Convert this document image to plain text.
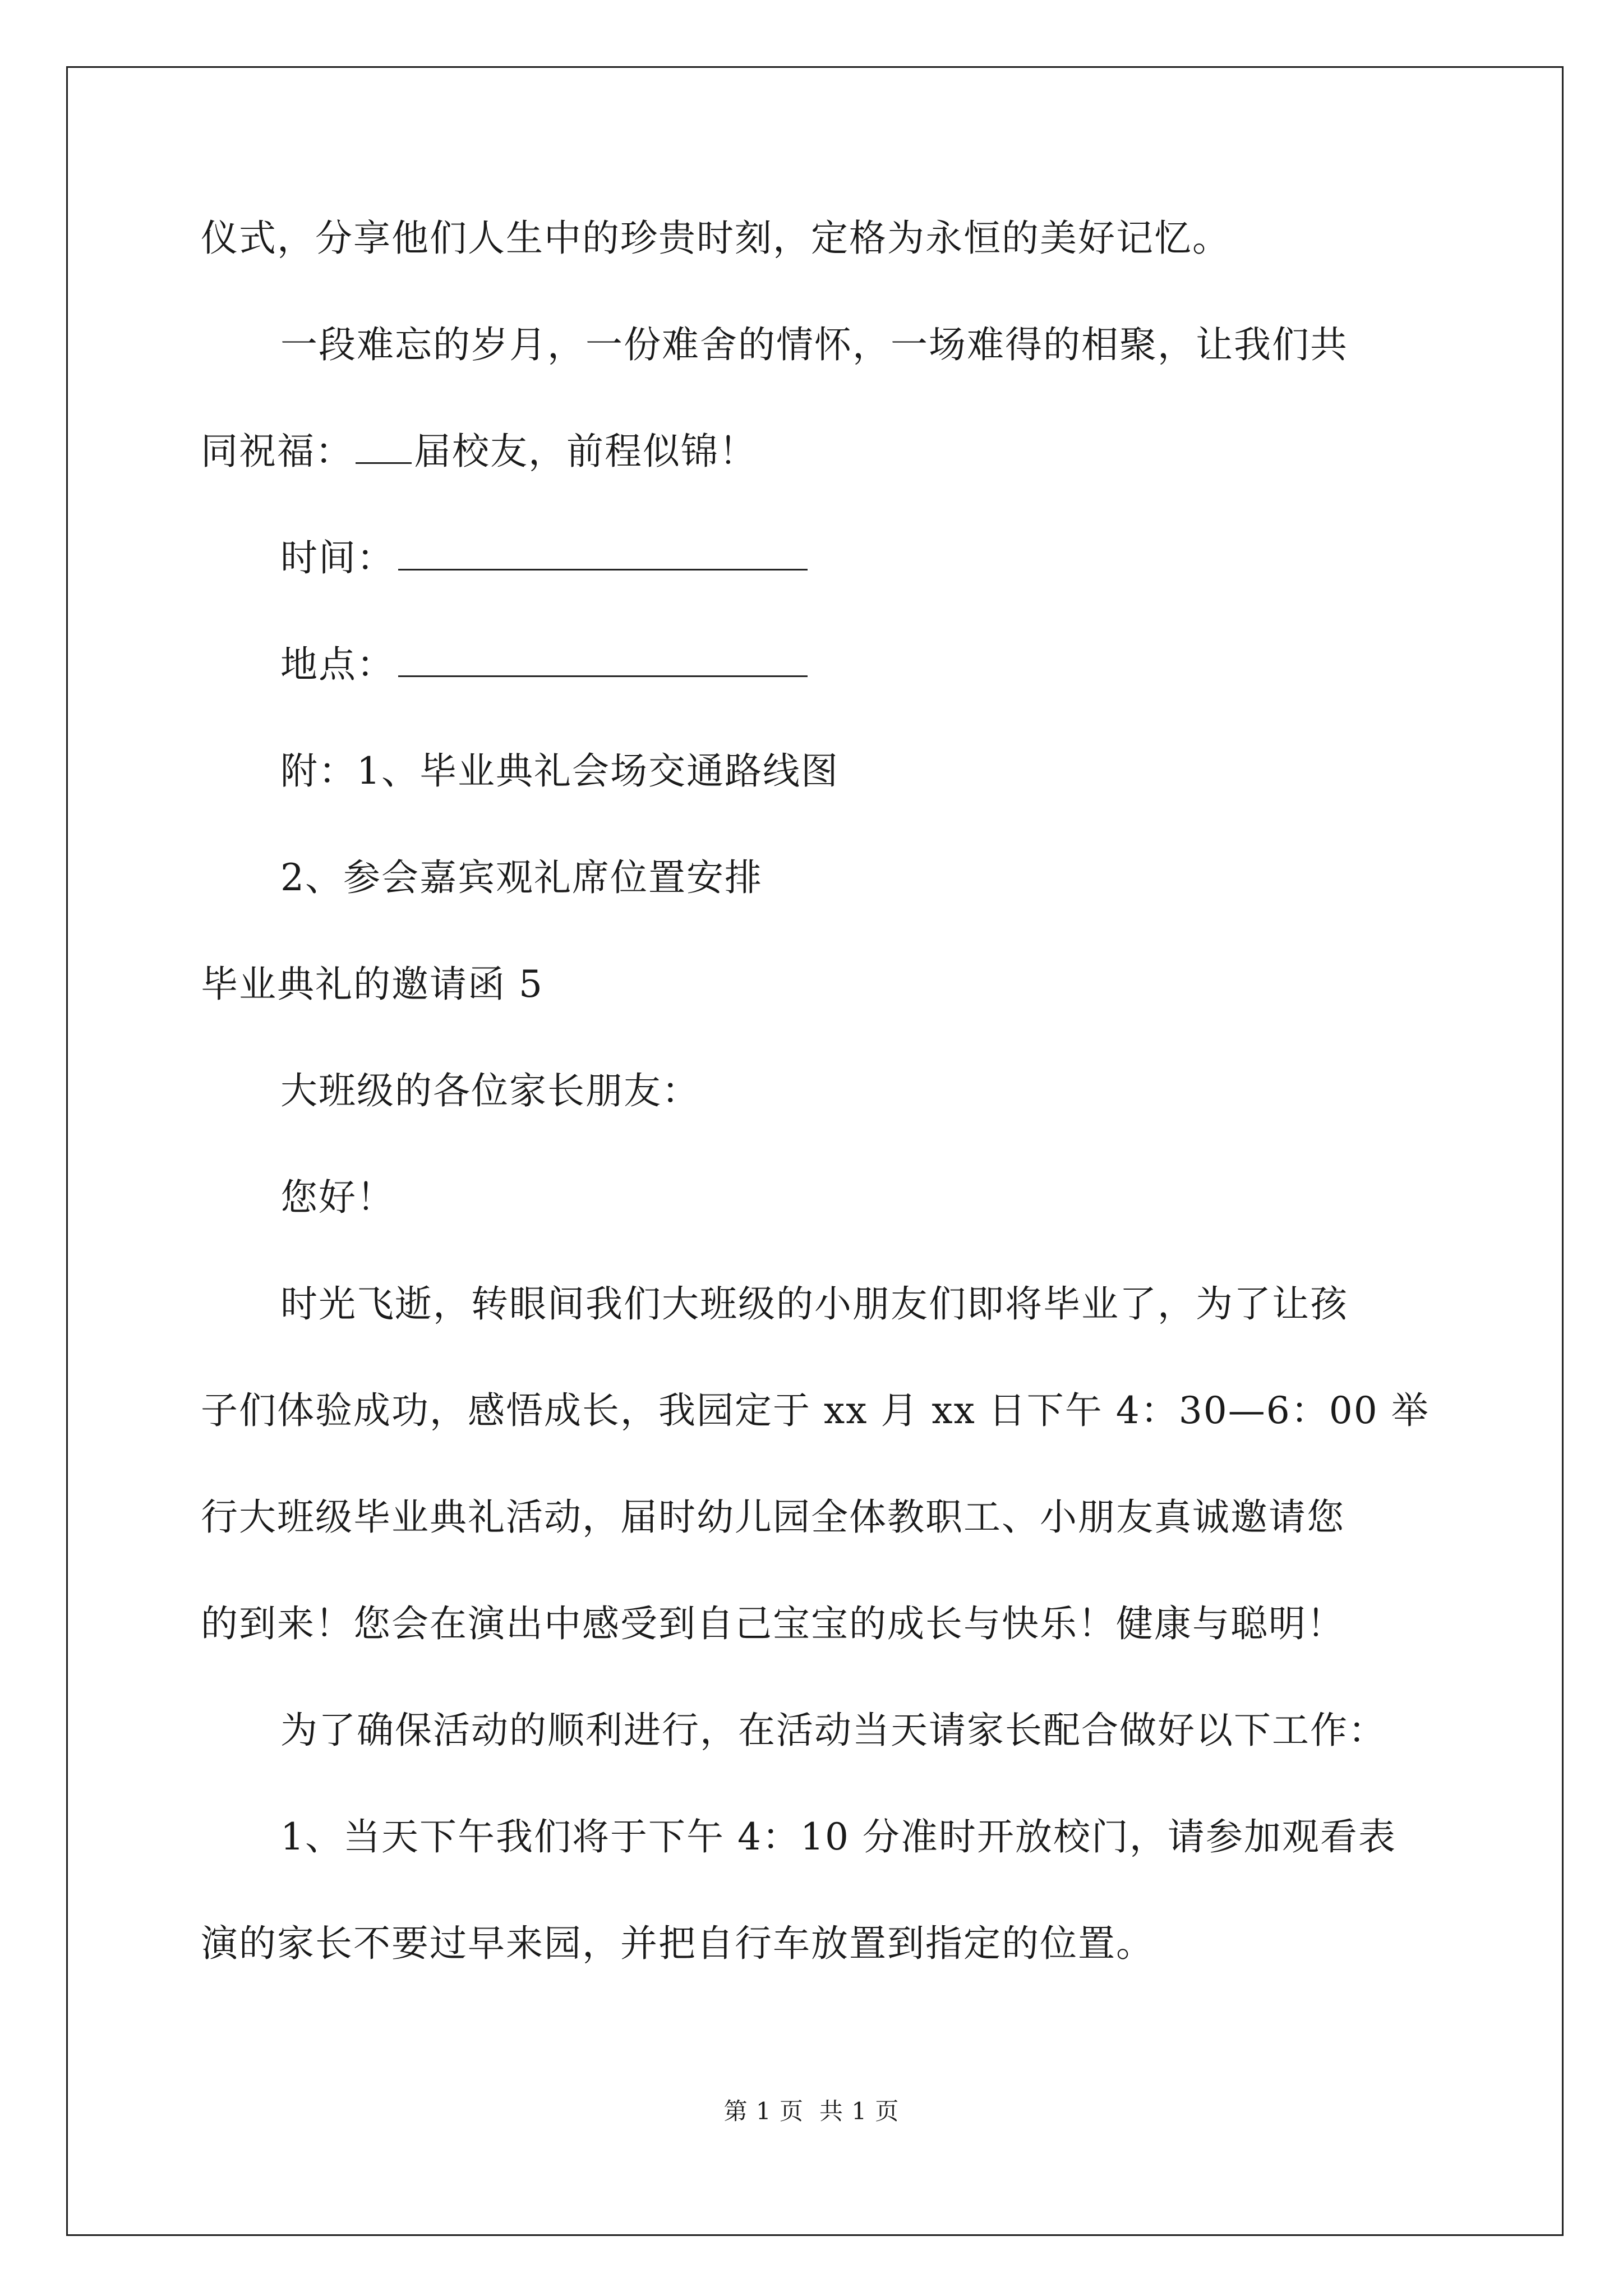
仪式，分享他们人生中的珍贵时刻，定格为永恒的美好记忆。
一段难忘的岁月，一份难舍的情怀，一场难得的相聚，让我们共
同祝福： 届校友，前程似锦！
时间：
地点：
附：1、毕业典礼会场交通路线图
2、参会嘉宾观礼席位置安排
毕业典礼的邀请函 5
大班级的各位家长朋友：
您好！
时光飞逝，转眼间我们大班级的小朋友们即将毕业了，为了让孩
子们体验成功，感悟成长，我园定于 xx 月 xx 日下午 4：30—6：00 举
行大班级毕业典礼活动，届时幼儿园全体教职工、小朋友真诚邀请您
的到来！您会在演出中感受到自己宝宝的成长与快乐！健康与聪明！
为了确保活动的顺利进行，在活动当天请家长配合做好以下工作：
1、当天下午我们将于下午 4：10 分准时开放校门，请参加观看表
演的家长不要过早来园，并把自行车放置到指定的位置。
第 1 页 共 1 页
